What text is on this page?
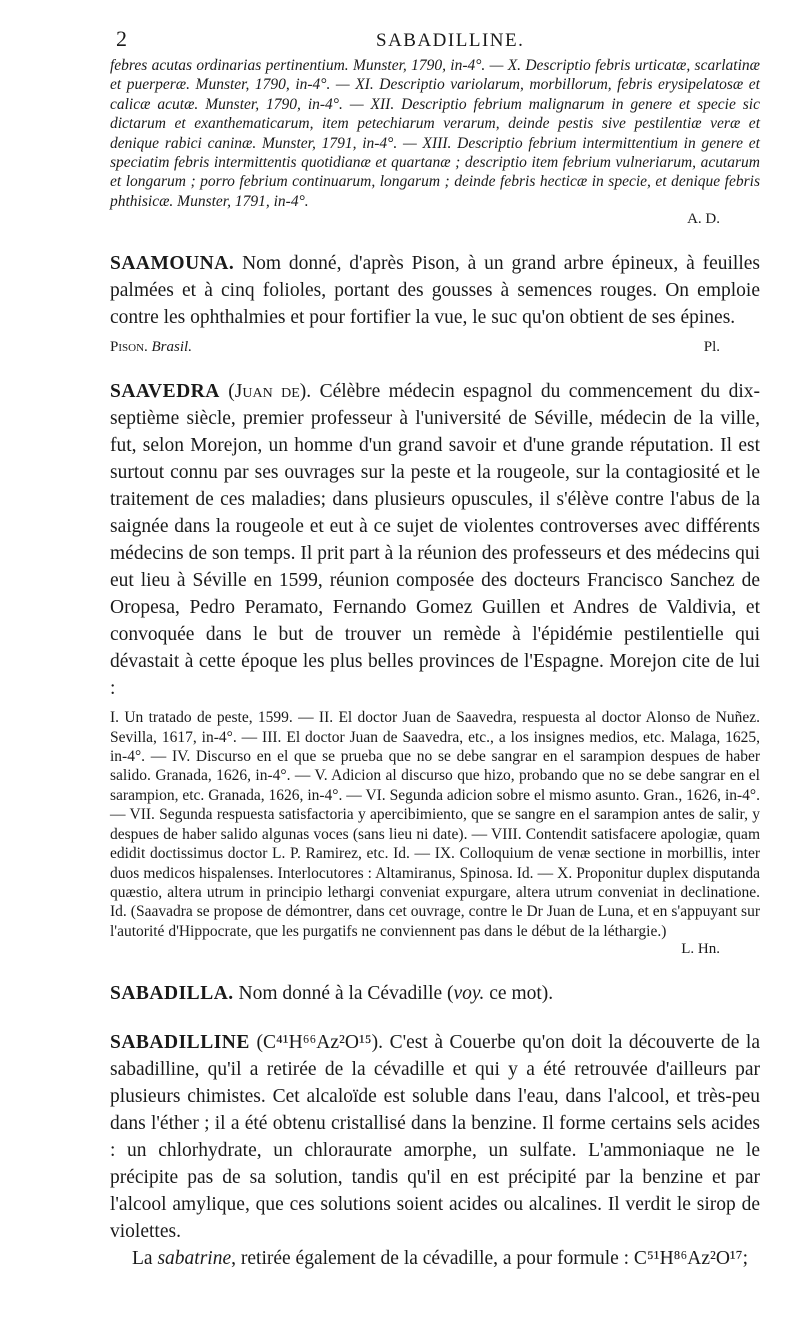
2	SABADILLINE.
febres acutas ordinarias pertinentium. Munster, 1790, in-4°. — X. Descriptio febris urticatæ, scarlatinæ et puerperæ. Munster, 1790, in-4°. — XI. Descriptio variolarum, morbillorum, febris erysipelatosæ et calicæ acutæ. Munster, 1790, in-4°. — XII. Descriptio febrium malignarum in genere et specie sic dictarum et exanthematicarum, item petechiarum verarum, deinde pestis sive pestilentiæ veræ et denique rabici caninæ. Munster, 1791, in-4°. — XIII. Descriptio febrium intermittentium in genere et speciatim febris intermittentis quotidianæ et quartanæ ; descriptio item febrium vulneriarum, acutarum et longarum ; porro febrium continuarum, longarum ; deinde febris hecticæ in specie, et denique febris phthisicæ. Munster, 1791, in-4°.
A. D.
SAAMOUNA. Nom donné, d'après Pison, à un grand arbre épineux, à feuilles palmées et à cinq folioles, portant des gousses à semences rouges. On emploie contre les ophthalmies et pour fortifier la vue, le suc qu'on obtient de ses épines.
Pison. Brasil.	Pl.
SAAVEDRA (Juan de). Célèbre médecin espagnol du commencement du dix-septième siècle, premier professeur à l'université de Séville, médecin de la ville, fut, selon Morejon, un homme d'un grand savoir et d'une grande réputation. Il est surtout connu par ses ouvrages sur la peste et la rougeole, sur la contagiosité et le traitement de ces maladies; dans plusieurs opuscules, il s'élève contre l'abus de la saignée dans la rougeole et eut à ce sujet de violentes controverses avec différents médecins de son temps. Il prit part à la réunion des professeurs et des médecins qui eut lieu à Séville en 1599, réunion composée des docteurs Francisco Sanchez de Oropesa, Pedro Peramato, Fernando Gomez Guillen et Andres de Valdivia, et convoquée dans le but de trouver un remède à l'épidémie pestilentielle qui dévastait à cette époque les plus belles provinces de l'Espagne. Morejon cite de lui :
I. Un tratado de peste, 1599. — II. El doctor Juan de Saavedra, respuesta al doctor Alonso de Nuñez. Sevilla, 1617, in-4°. — III. El doctor Juan de Saavedra, etc., a los insignes medios, etc. Malaga, 1625, in-4°. — IV. Discurso en el que se prueba que no se debe sangrar en el sarampion despues de haber salido. Granada, 1626, in-4°. — V. Adicion al discurso que hizo, probando que no se debe sangrar en el sarampion, etc. Granada, 1626, in-4°. — VI. Segunda adicion sobre el mismo asunto. Gran., 1626, in-4°. — VII. Segunda respuesta satisfactoria y apercibimiento, que se sangre en el sarampion antes de salir, y despues de haber salido algunas voces (sans lieu ni date). — VIII. Contendit satisfacere apologiæ, quam edidit doctissimus doctor L. P. Ramirez, etc. Id. — IX. Colloquium de venæ sectione in morbillis, inter duos medicos hispalenses. Interlocutores : Altamiranus, Spinosa. Id. — X. Proponitur duplex disputanda quæstio, altera utrum in principio lethargi conveniat expurgare, altera utrum conveniat in declinatione. Id. (Saavadra se propose de démontrer, dans cet ouvrage, contre le Dr Juan de Luna, et en s'appuyant sur l'autorité d'Hippocrate, que les purgatifs ne conviennent pas dans le début de la léthargie.)
L. Hn.
SABADILLA. Nom donné à la Cévadille (voy. ce mot).
SABADILLINE (C⁴¹H⁶⁶Az²O¹⁵). C'est à Couerbe qu'on doit la découverte de la sabadilline, qu'il a retirée de la cévadille et qui y a été retrouvée d'ailleurs par plusieurs chimistes. Cet alcaloïde est soluble dans l'eau, dans l'alcool, et très-peu dans l'éther ; il a été obtenu cristallisé dans la benzine. Il forme certains sels acides : un chlorhydrate, un chloraurate amorphe, un sulfate. L'ammoniaque ne le précipite pas de sa solution, tandis qu'il en est précipité par la benzine et par l'alcool amylique, que ces solutions soient acides ou alcalines. Il verdit le sirop de violettes.
La sabatrine, retirée également de la cévadille, a pour formule : C⁵¹H⁸⁶Az²O¹⁷;
